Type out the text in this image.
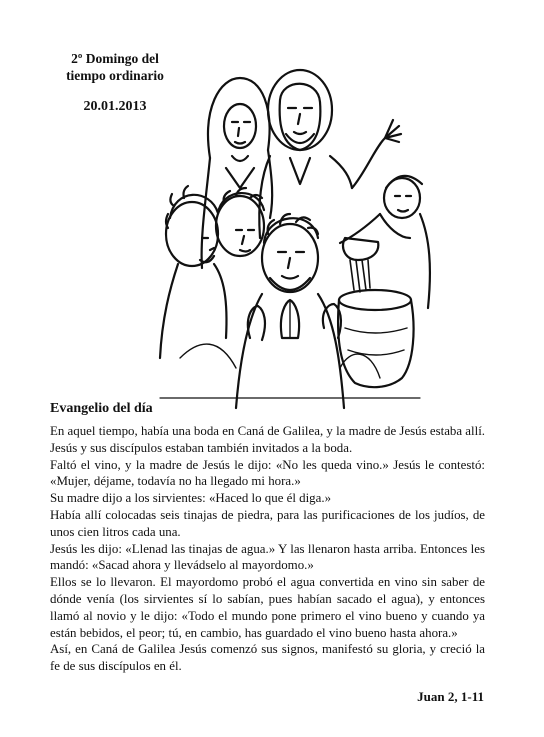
2º Domingo del
tiempo ordinario
20.01.2013
Evangelio del día

En aquel tiempo, había una boda en Caná de Galilea, y la madre de Jesús estaba allí. Jesús y sus discípulos estaban también invitados a la boda.

Faltó el vino, y la madre de Jesús le dijo: «No les queda vino.» Jesús le contestó: «Mujer, déjame, todavía no ha llegado mi hora.»

Su madre dijo a los sirvientes: «Haced lo que él diga.»

Había allí colocadas seis tinajas de piedra, para las purificaciones de los judíos, de unos cien litros cada una.

Jesús les dijo: «Llenad las tinajas de agua.» Y las llenaron hasta arriba. Entonces les mandó: «Sacad ahora y llevádselo al mayordomo.»

Ellos se lo llevaron. El mayordomo probó el agua convertida en vino sin saber de dónde venía (los sirvientes sí lo sabían, pues habían sacado el agua), y entonces llamó al novio y le dijo: «Todo el mundo pone primero el vino bueno y cuando ya están bebidos, el peor; tú, en cambio, has guardado el vino bueno hasta ahora.»

Así, en Caná de Galilea Jesús comenzó sus signos, manifestó su gloria, y creció la fe de sus discípulos en él.

Juan 2, 1-11
